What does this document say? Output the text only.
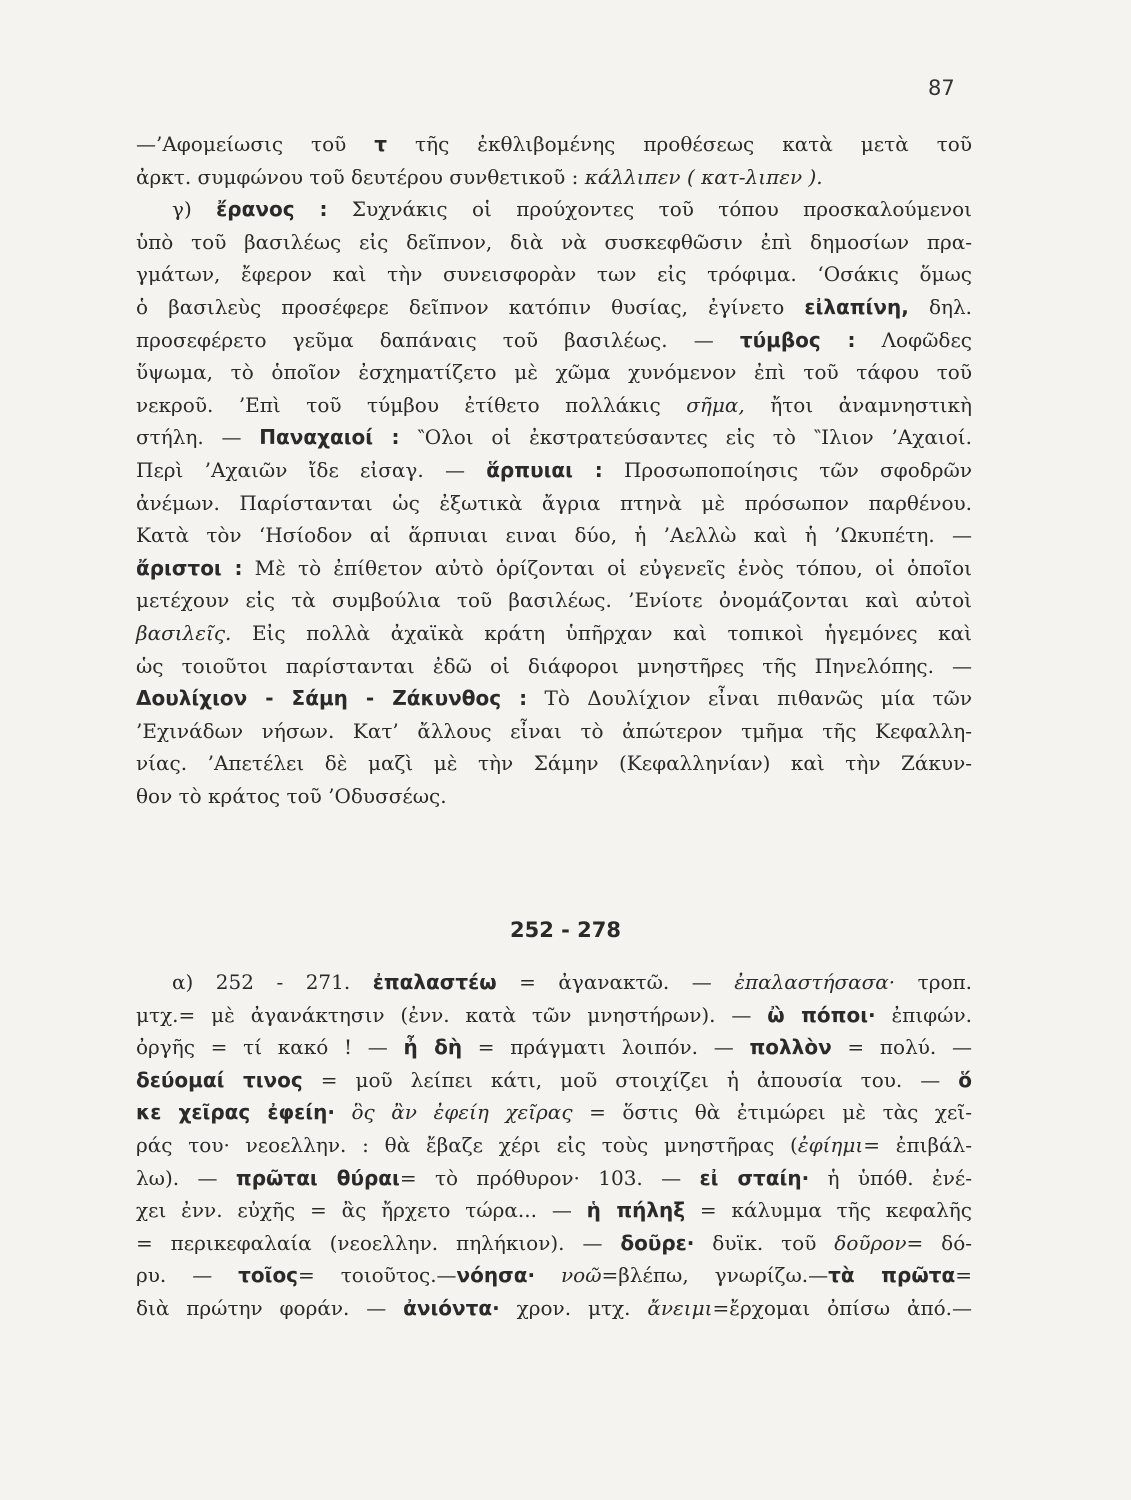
87
—’Αφομείωσις τοῦ τ τῆς ἐκθλιβομένης προθέσεως κατὰ μετὰ τοῦ
ἀρκτ. συμφώνου τοῦ δευτέρου συνθετικοῦ : κάλλιπεν ( κατ-λιπεν ).
γ) ἔρανος : Συχνάκις οἱ προύχοντες τοῦ τόπου προσκαλούμενοι
ὑπὸ τοῦ βασιλέως εἰς δεῖπνον, διὰ νὰ συσκεφθῶσιν ἐπὶ δημοσίων πρα-
γμάτων, ἔφερον καὶ τὴν συνεισφορὰν των εἰς τρόφιμα. ‘Οσάκις ὅμως
ὁ βασιλεὺς προσέφερε δεῖπνον κατόπιν θυσίας, ἐγίνετο εἰλαπίνη, δηλ.
προσεφέρετο γεῦμα δαπάναις τοῦ βασιλέως. — τύμβος : Λοφῶδες
ὕψωμα, τὸ ὁποῖον ἐσχηματίζετο μὲ χῶμα χυνόμενον ἐπὶ τοῦ τάφου τοῦ
νεκροῦ. ’Επὶ τοῦ τύμβου ἐτίθετο πολλάκις σῆμα, ἤτοι ἀναμνηστικὴ
στήλη. — Παναχαιοί : ‶Ολοι οἱ ἐκστρατεύσαντες εἰς τὸ ‶Ιλιον ’Αχαιοί.
Περὶ ’Αχαιῶν ἴδε εἰσαγ. — ἅρπυιαι : Προσωποποίησις τῶν σφοδρῶν
ἀνέμων. Παρίστανται ὡς ἐξωτικὰ ἄγρια πτηνὰ μὲ πρόσωπον παρθένου.
Κατὰ τὸν ‘Ησίοδον αἱ ἅρπυιαι ειναι δύο, ἡ ’Αελλὼ καὶ ἡ ’Ωκυπέτη. —
ἄριστοι : Μὲ τὸ ἐπίθετον αὐτὸ ὁρίζονται οἱ εὐγενεῖς ἑνὸς τόπου, οἱ ὁποῖοι
μετέχουν εἰς τὰ συμβούλια τοῦ βασιλέως. ’Ενίοτε ὀνομάζονται καὶ αὐτοὶ
βασιλεῖς. Εἰς πολλὰ ἀχαϊκὰ κράτη ὑπῆρχαν καὶ τοπικοὶ ἡγεμόνες καὶ
ὡς τοιοῦτοι παρίστανται ἐδῶ οἱ διάφοροι μνηστῆρες τῆς Πηνελόπης. —
Δουλίχιον - Σάμη - Ζάκυνθος : Τὸ Δουλίχιον εἶναι πιθανῶς μία τῶν
’Εχινάδων νήσων. Κατ’ ἄλλους εἶναι τὸ ἀπώτερον τμῆμα τῆς Κεφαλλη-
νίας. ’Απετέλει δὲ μαζὶ μὲ τὴν Σάμην (Κεφαλληνίαν) καὶ τὴν Ζάκυν-
θον τὸ κράτος τοῦ ’Οδυσσέως.
252 - 278
α) 252 - 271. ἐπαλαστέω = ἀγανακτῶ. — ἐπαλαστήσασα· τροπ.
μτχ.= μὲ ἀγανάκτησιν (ἐνν. κατὰ τῶν μνηστήρων). — ὢ πόποι· ἐπιφών.
ὀργῆς = τί κακό ! — ἦ δὴ = πράγματι λοιπόν. — πολλὸν = πολύ. —
δεύομαί τινος = μοῦ λείπει κάτι, μοῦ στοιχίζει ἡ ἀπουσία του. — ὅ
κε χεῖρας ἐφείη· ὃς ἂν ἐφείη χεῖρας = ὅστις θὰ ἐτιμώρει μὲ τὰς χεῖ-
ράς του· νεοελλην. : θὰ ἔβαζε χέρι εἰς τοὺς μνηστῆρας (ἐφίημι= ἐπιβάλ-
λω). — πρῶται θύραι= τὸ πρόθυρον· 103. — εἰ σταίη· ἡ ὑπόθ. ἐνέ-
χει ἐνν. εὐχῆς = ἂς ἤρχετο τώρα... — ἡ πήληξ = κάλυμμα τῆς κεφαλῆς
= περικεφαλαία (νεοελλην. πηλήκιον). — δοῦρε· δυϊκ. τοῦ δοῦρον= δό-
ρυ. — τοῖος= τοιοῦτος.—νόησα· νοῶ=βλέπω, γνωρίζω.—τὰ πρῶτα=
διὰ πρώτην φοράν. — ἀνιόντα· χρον. μτχ. ἄνειμι=ἔρχομαι ὀπίσω ἀπό.—
